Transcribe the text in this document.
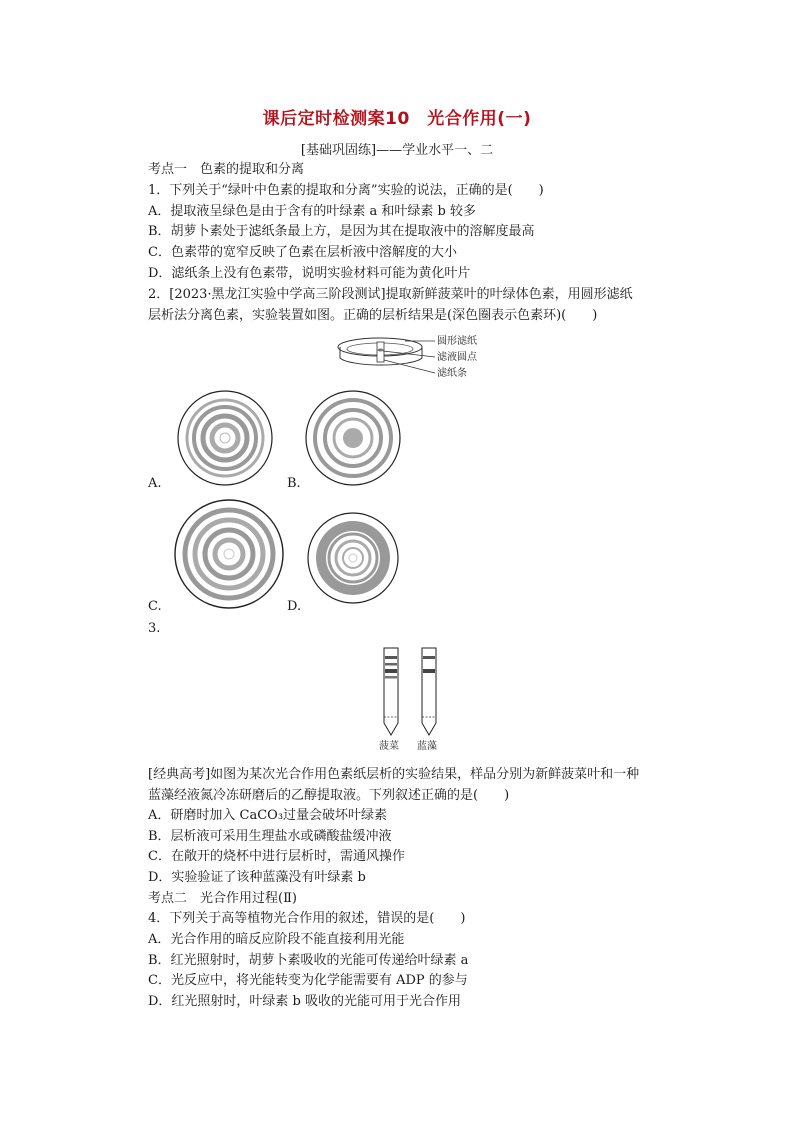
课后定时检测案10　光合作用(一)
[基础巩固练]——学业水平一、二
考点一　色素的提取和分离
1．下列关于“绿叶中色素的提取和分离”实验的说法，正确的是(　　)
A．提取液呈绿色是由于含有的叶绿素 a 和叶绿素 b 较多
B．胡萝卜素处于滤纸条最上方，是因为其在提取液中的溶解度最高
C．色素带的宽窄反映了色素在层析液中溶解度的大小
D．滤纸条上没有色素带，说明实验材料可能为黄化叶片
2．[2023·黑龙江实验中学高三阶段测试]提取新鲜菠菜叶的叶绿体色素，用圆形滤纸
层析法分离色素，实验装置如图。正确的层析结果是(深色圈表示色素环)(　　)
圆形滤纸
滤液圆点
滤纸条
A.	B.
C.	D.
3.
菠菜 蓝藻
[经典高考]如图为某次光合作用色素纸层析的实验结果，样品分别为新鲜菠菜叶和一种
蓝藻经液氮冷冻研磨后的乙醇提取液。下列叙述正确的是(　　)
A．研磨时加入 CaCO₃过量会破坏叶绿素
B．层析液可采用生理盐水或磷酸盐缓冲液
C．在敞开的烧杯中进行层析时，需通风操作
D．实验验证了该种蓝藻没有叶绿素 b
考点二　光合作用过程(Ⅱ)
4．下列关于高等植物光合作用的叙述，错误的是(　　)
A．光合作用的暗反应阶段不能直接利用光能
B．红光照射时，胡萝卜素吸收的光能可传递给叶绿素 a
C．光反应中，将光能转变为化学能需要有 ADP 的参与
D．红光照射时，叶绿素 b 吸收的光能可用于光合作用
